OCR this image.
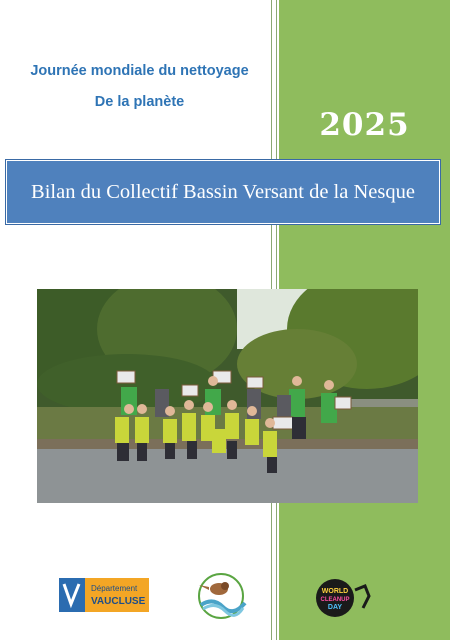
Journée mondiale du nettoyage
De la planète
2025
Bilan du Collectif Bassin Versant de la Nesque
Département
VAUCLUSE
WORLD
CLEANUP
DAY
